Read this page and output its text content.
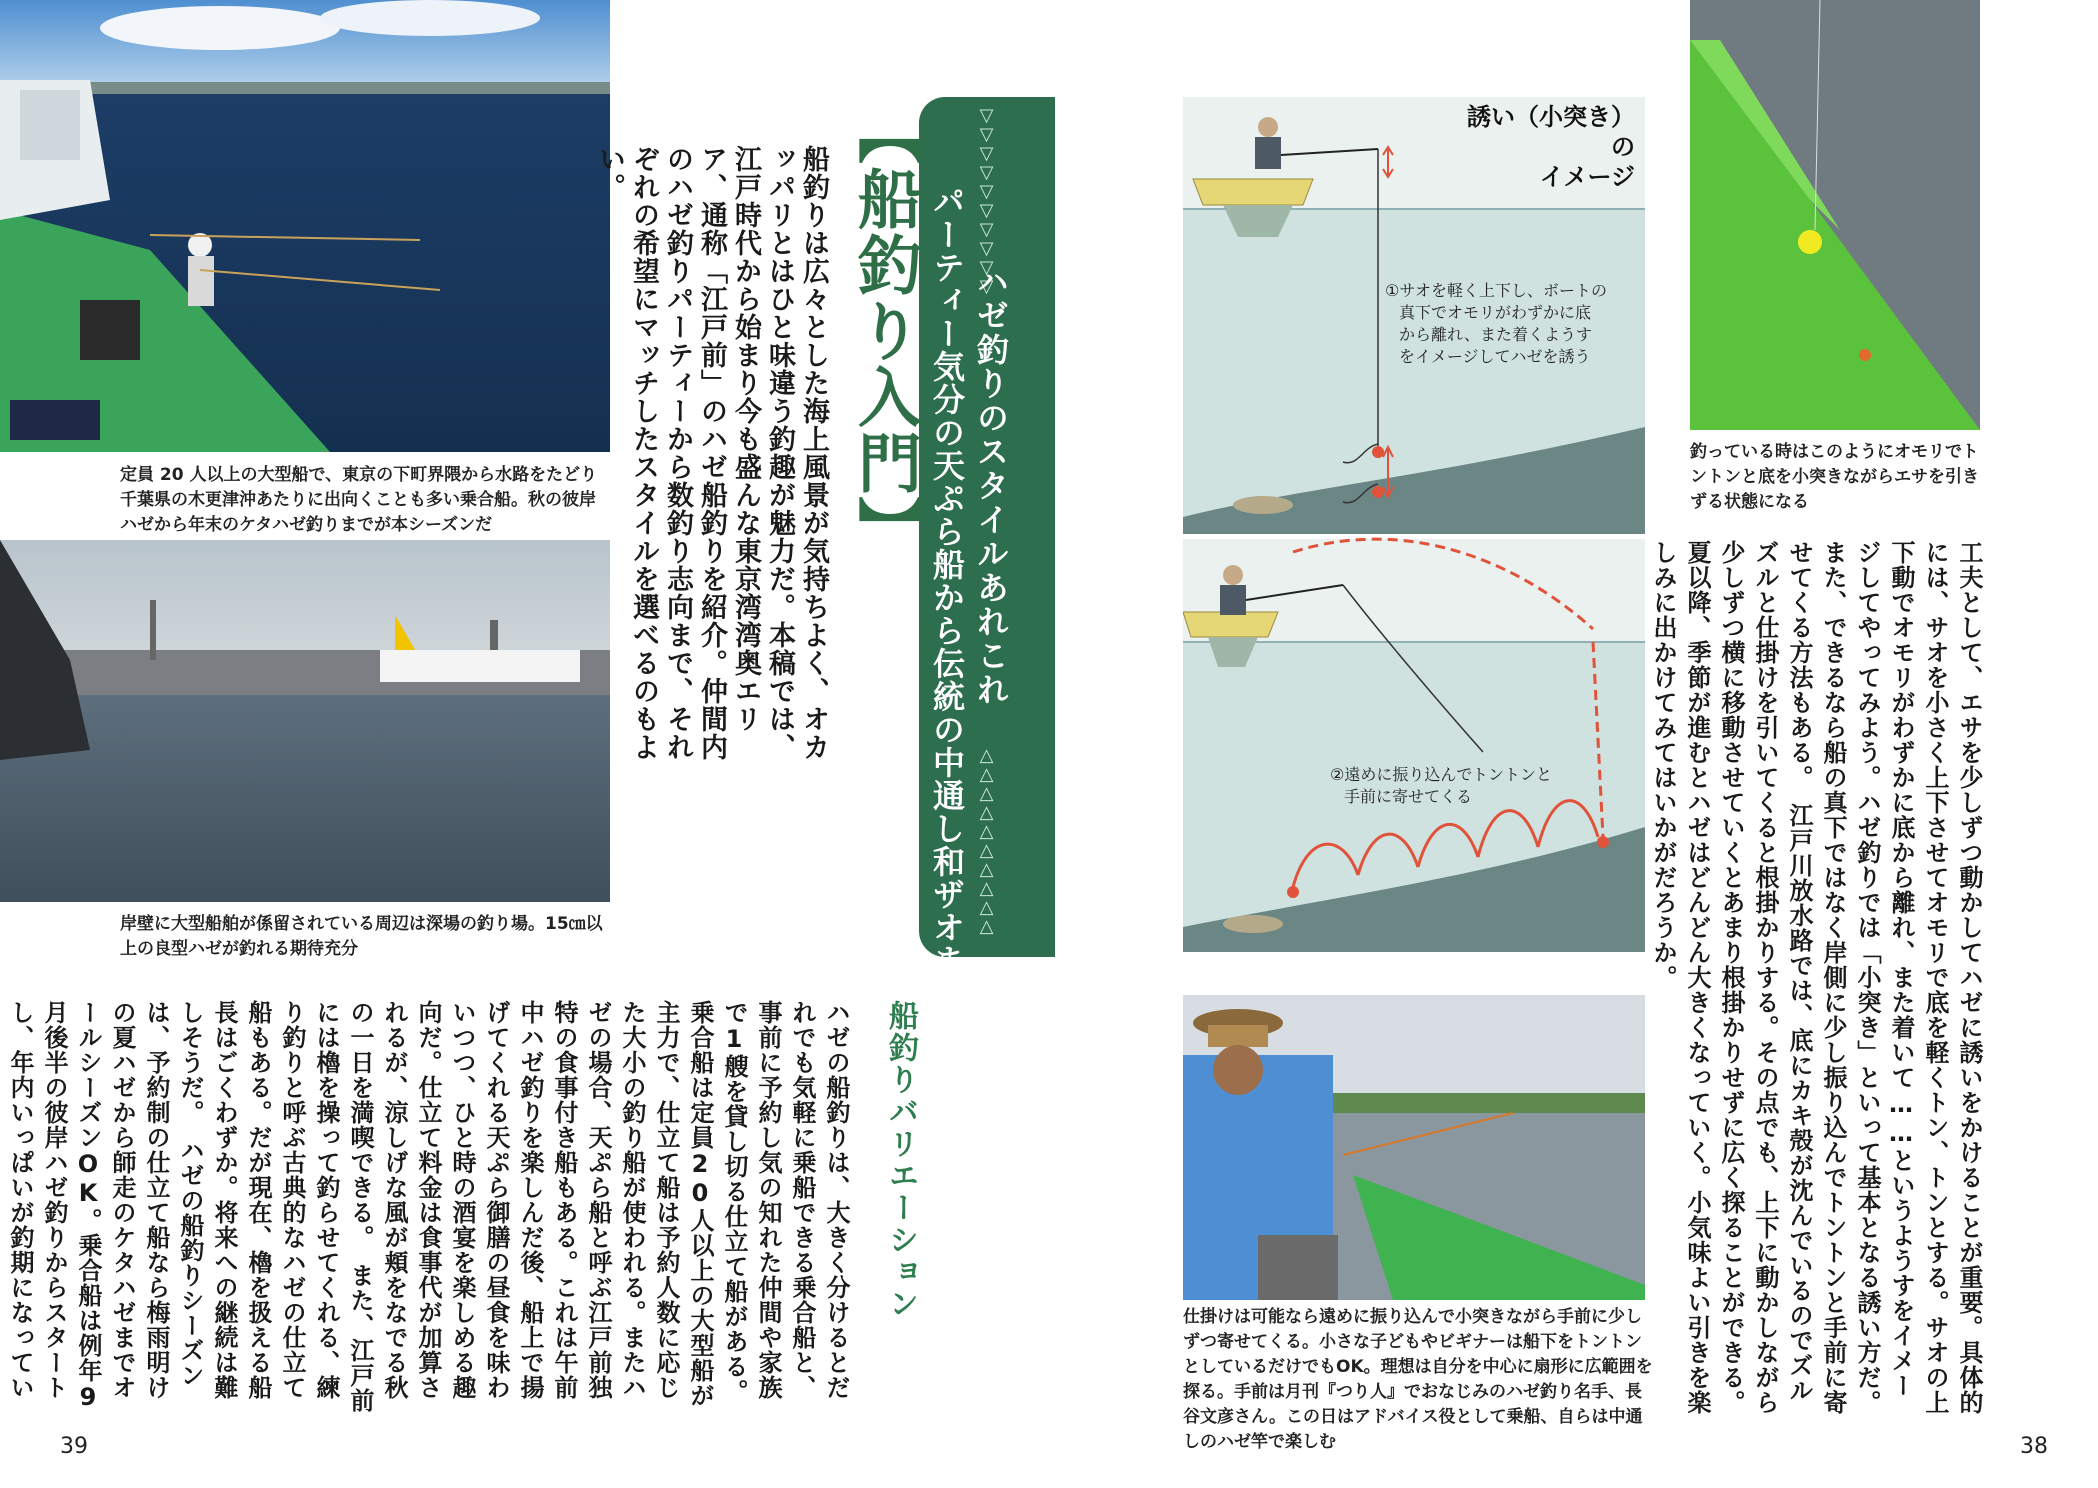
定員 20 人以上の大型船で、東京の下町界隈から水路をたどり千葉県の木更津沖あたりに出向くことも多い乗合船。秋の彼岸ハゼから年末のケタハゼ釣りまでが本シーズンだ
岸壁に大型船舶が係留されている周辺は深場の釣り場。15㎝以上の良型ハゼが釣れる期待充分
▽▽▽▽▽▽▽▽▽▽
ハゼ釣りのスタイルあれこれ
△△△△△△△△△△
パーティー気分の天ぷら船から伝統の中通し和ザオまで
【船釣り入門】
船釣りは広々とした海上風景が気持ちよく、オカッパリとはひと味違う釣趣が魅力だ。本稿では、江戸時代から始まり今も盛んな東京湾湾奥エリア、通称「江戸前」のハゼ船釣りを紹介。仲間内のハゼ釣りパーティーから数釣り志向まで、それぞれの希望にマッチしたスタイルを選べるのもよい。
船釣りバリエーション
ハゼの船釣りは、大きく分けるとだれでも気軽に乗船できる乗合船と、事前に予約し気の知れた仲間や家族で1艘を貸し切る仕立て船がある。　乗合船は定員20人以上の大型船が主力で、仕立て船は予約人数に応じた大小の釣り船が使われる。またハゼの場合、天ぷら船と呼ぶ江戸前独特の食事付き船もある。これは午前中ハゼ釣りを楽しんだ後、船上で揚げてくれる天ぷら御膳の昼食を味わいつつ、ひと時の酒宴を楽しめる趣向だ。仕立て料金は食事代が加算されるが、涼しげな風が頬をなでる秋の一日を満喫できる。　また、江戸前には櫓を操って釣らせてくれる、練り釣りと呼ぶ古典的なハゼの仕立て船もある。だが現在、櫓を扱える船長はごくわずか。将来への継続は難しそうだ。　ハゼの船釣りシーズンは、予約制の仕立て船なら梅雨明けの夏ハゼから師走のケタハゼまでオールシーズンOK。乗合船は例年9月後半の彼岸ハゼ釣りからスタートし、年内いっぱいが釣期になってい
39
誘い（小突き）の
イメージ
①サオを軽く上下し、ボートの
真下でオモリがわずかに底
から離れ、また着くようす
をイメージしてハゼを誘う
②遠めに振り込んでトントンと
手前に寄せてくる
釣っている時はこのようにオモリでトントンと底を小突きながらエサを引きずる状態になる
工夫として、エサを少しずつ動かしてハゼに誘いをかけることが重要。具体的には、サオを小さく上下させてオモリで底を軽くトン、トンとする。サオの上下動でオモリがわずかに底から離れ、また着いて……というようすをイメージしてやってみよう。ハゼ釣りでは「小突き」といって基本となる誘い方だ。また、できるなら船の真下ではなく岸側に少し振り込んでトントンと手前に寄せてくる方法もある。　江戸川放水路では、底にカキ殻が沈んでいるのでズルズルと仕掛けを引いてくると根掛かりする。その点でも、上下に動かしながら少しずつ横に移動させていくとあまり根掛かりせずに広く探ることができる。　夏以降、季節が進むとハゼはどんどん大きくなっていく。小気味よい引きを楽しみに出かけてみてはいかがだろうか。
仕掛けは可能なら遠めに振り込んで小突きながら手前に少しずつ寄せてくる。小さな子どもやビギナーは船下をトントンとしているだけでもOK。理想は自分を中心に扇形に広範囲を探る。手前は月刊『つり人』でおなじみのハゼ釣り名手、長谷文彦さん。この日はアドバイス役として乗船、自らは中通しのハゼ竿で楽しむ	38
